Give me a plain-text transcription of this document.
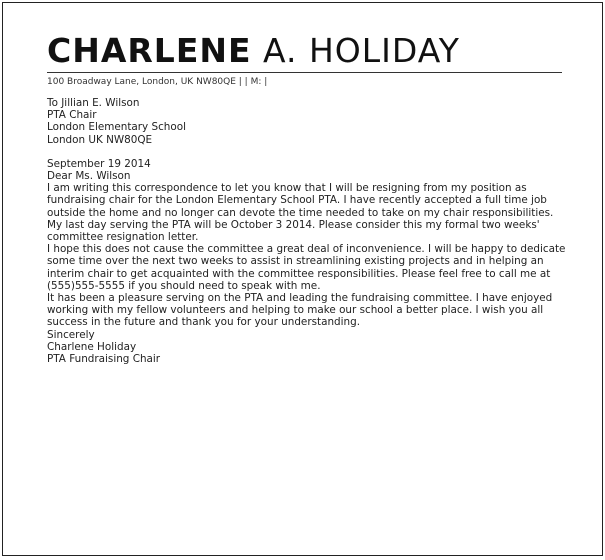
CHARLENE A. HOLIDAY
100 Broadway Lane, London, UK NW80QE | | M: |

To Jillian E. Wilson

PTA Chair

London Elementary School

London UK NW80QE

September 19 2014

Dear Ms. Wilson

I am writing this correspondence to let you know that I will be resigning from my position as fundraising chair for the London Elementary School PTA. I have recently accepted a full time job outside the home and no longer can devote the time needed to take on my chair responsibilities. My last day serving the PTA will be October 3 2014. Please consider this my formal two weeks' committee resignation letter.

I hope this does not cause the committee a great deal of inconvenience. I will be happy to dedicate some time over the next two weeks to assist in streamlining existing projects and in helping an interim chair to get acquainted with the committee responsibilities. Please feel free to call me at (555)555-5555 if you should need to speak with me.

It has been a pleasure serving on the PTA and leading the fundraising committee. I have enjoyed working with my fellow volunteers and helping to make our school a better place. I wish you all success in the future and thank you for your understanding.

Sincerely

Charlene Holiday

PTA Fundraising Chair
